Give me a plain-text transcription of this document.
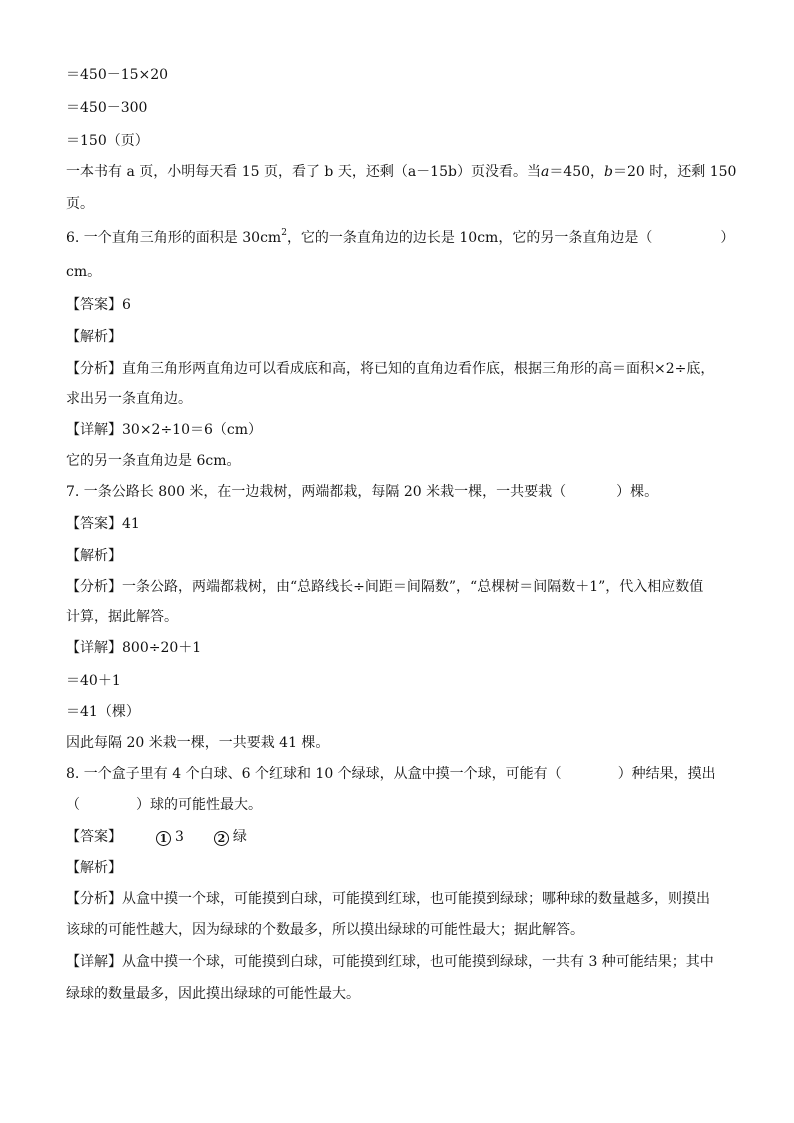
＝450－15×20
＝450－300
＝150（页）
一本书有 a 页，小明每天看 15 页，看了 b 天，还剩（a－15b）页没看。当a＝450，b＝20 时，还剩 150
页。
6. 一个直角三角形的面积是 $30cm^2$，它的一条直角边的边长是 10cm，它的另一条直角边是（	）
cm。
【答案】6
【解析】
【分析】直角三角形两直角边可以看成底和高，将已知的直角边看作底，根据三角形的高＝面积×2÷底，
求出另一条直角边。
【详解】30×2÷10＝6（cm）
它的另一条直角边是 6cm。
7. 一条公路长 800 米，在一边栽树，两端都栽，每隔 20 米栽一棵，一共要栽（	）棵。
【答案】41
【解析】
【分析】一条公路，两端都栽树，由“总路线长÷间距＝间隔数”，“总棵树＝间隔数＋1”，代入相应数值
计算，据此解答。
【详解】800÷20＋1
＝40＋1
＝41（棵）
因此每隔 20 米栽一棵，一共要栽 41 棵。
8. 一个盒子里有 4 个白球、6 个红球和 10 个绿球，从盒中摸一个球，可能有（	）种结果，摸出
（	）球的可能性最大。
【答案】	1 3	2 绿
【解析】
【分析】从盒中摸一个球，可能摸到白球，可能摸到红球，也可能摸到绿球；哪种球的数量越多，则摸出
该球的可能性越大，因为绿球的个数最多，所以摸出绿球的可能性最大；据此解答。
【详解】从盒中摸一个球，可能摸到白球，可能摸到红球，也可能摸到绿球，一共有 3 种可能结果；其中
绿球的数量最多，因此摸出绿球的可能性最大。
